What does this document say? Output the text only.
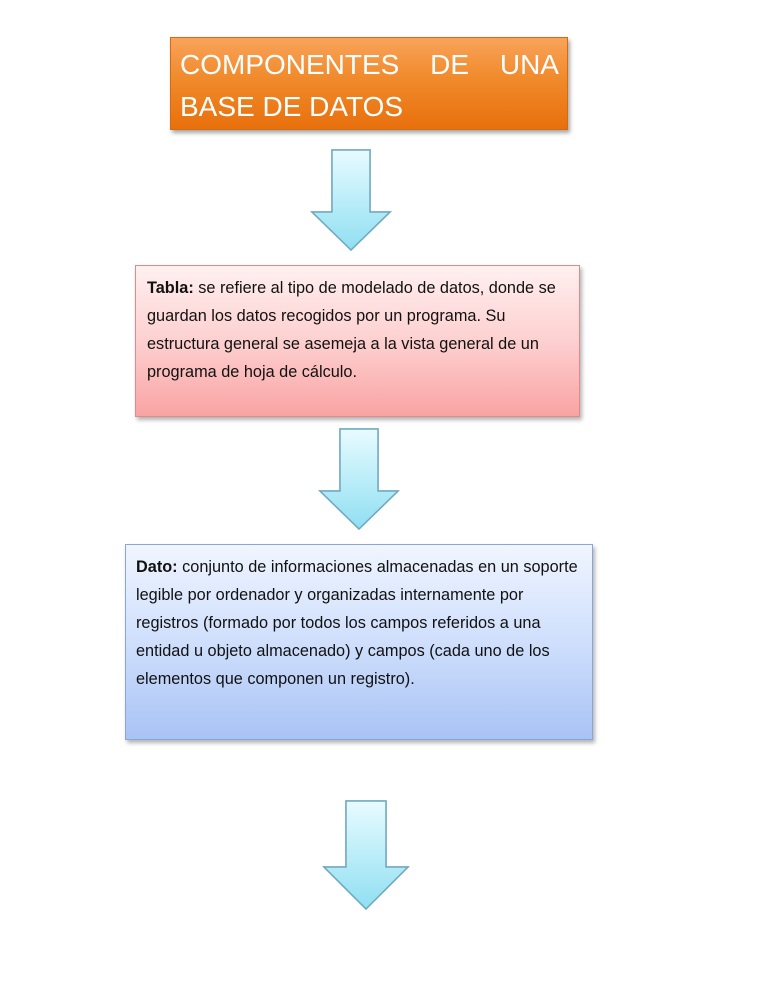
COMPONENTES DE UNA
BASE DE DATOS
Tabla: se refiere al tipo de modelado de datos, donde se guardan los datos recogidos por un programa. Su estructura general se asemeja a la vista general de un programa de hoja de cálculo.
Dato: conjunto de informaciones almacenadas en un soporte legible por ordenador y organizadas internamente por registros (formado por todos los campos referidos a una entidad u objeto almacenado) y campos (cada uno de los elementos que componen un registro).
